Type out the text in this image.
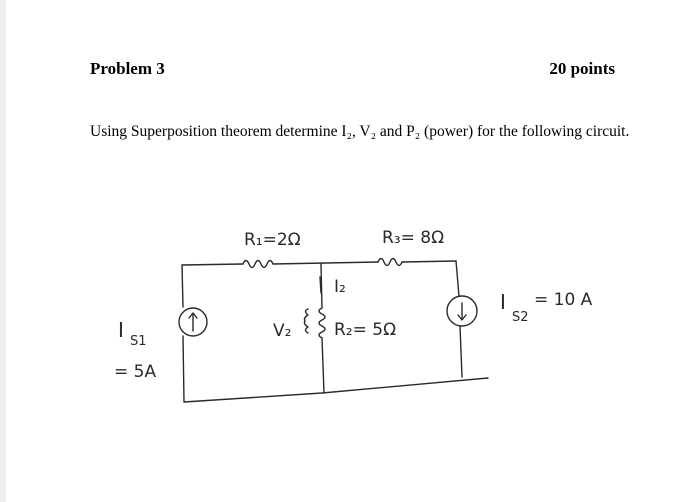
Problem 3	20 points
Using Superposition theorem determine I₂, V₂ and P₂ (power) for the following circuit.
R₁=2Ω	R₃= 8Ω
I₂
V₂	R₂= 5Ω
I S1
= 5A
I
S2
= 10 A
